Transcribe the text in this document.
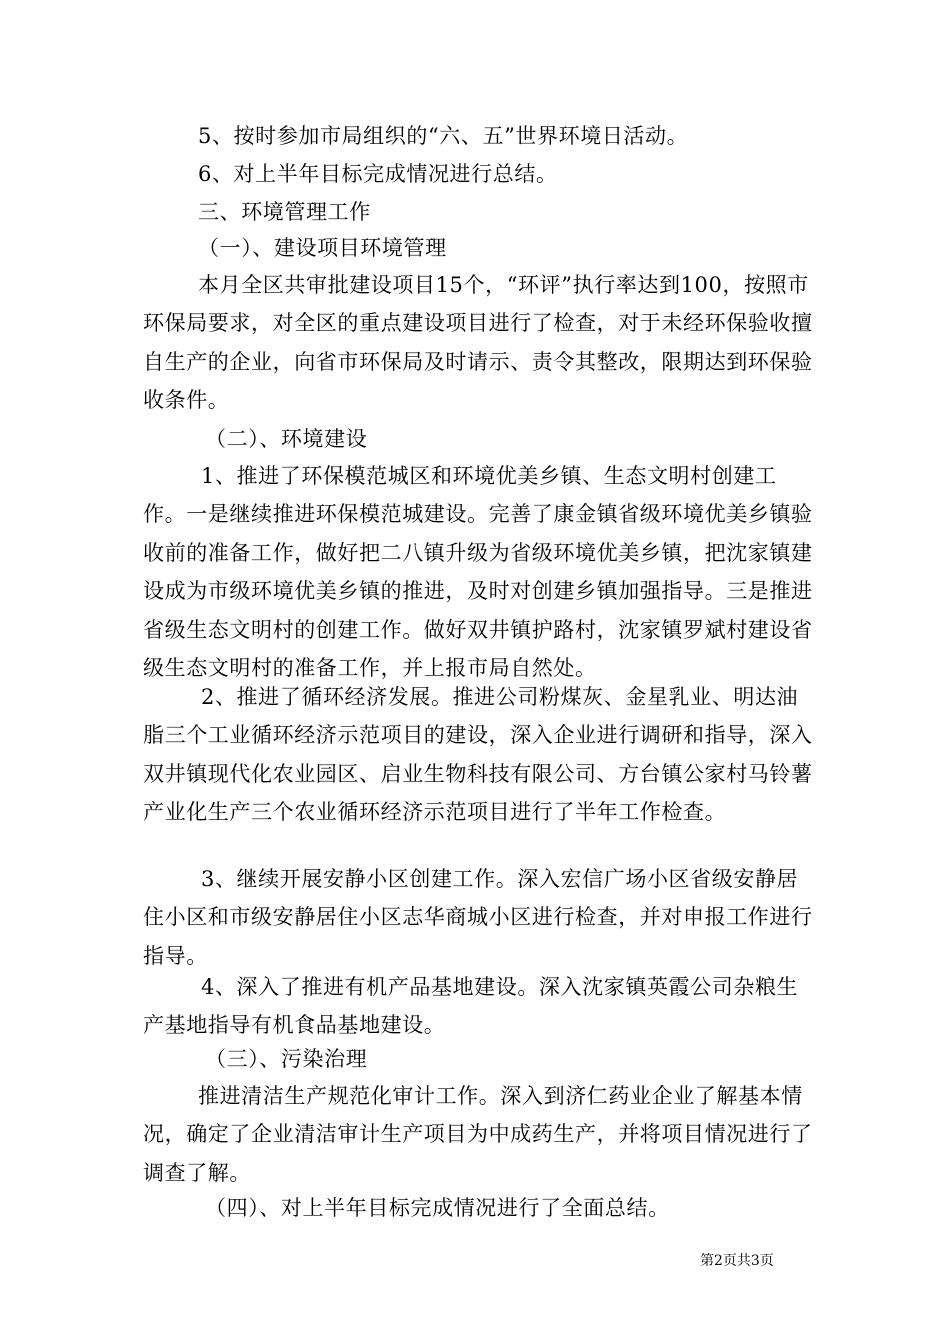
5、按时参加市局组织的“六、五”世界环境日活动。

6、对上半年目标完成情况进行总结。

三、环境管理工作

（一）、建设项目环境管理

本月全区共审批建设项目15个，“环评”执行率达到100，按照市环保局要求，对全区的重点建设项目进行了检查，对于未经环保验收擅自生产的企业，向省市环保局及时请示、责令其整改，限期达到环保验收条件。

（二）、环境建设

1、推进了环保模范城区和环境优美乡镇、生态文明村创建工作。一是继续推进环保模范城建设。完善了康金镇省级环境优美乡镇验收前的准备工作，做好把二八镇升级为省级环境优美乡镇，把沈家镇建设成为市级环境优美乡镇的推进，及时对创建乡镇加强指导。三是推进省级生态文明村的创建工作。做好双井镇护路村，沈家镇罗斌村建设省级生态文明村的准备工作，并上报市局自然处。

2、推进了循环经济发展。推进公司粉煤灰、金星乳业、明达油脂三个工业循环经济示范项目的建设，深入企业进行调研和指导，深入双井镇现代化农业园区、启业生物科技有限公司、方台镇公家村马铃薯产业化生产三个农业循环经济示范项目进行了半年工作检查。

3、继续开展安静小区创建工作。深入宏信广场小区省级安静居住小区和市级安静居住小区志华商城小区进行检查，并对申报工作进行指导。

4、深入了推进有机产品基地建设。深入沈家镇英霞公司杂粮生产基地指导有机食品基地建设。

（三）、污染治理

推进清洁生产规范化审计工作。深入到济仁药业企业了解基本情况，确定了企业清洁审计生产项目为中成药生产，并将项目情况进行了调查了解。

（四）、对上半年目标完成情况进行了全面总结。

第2页共3页
